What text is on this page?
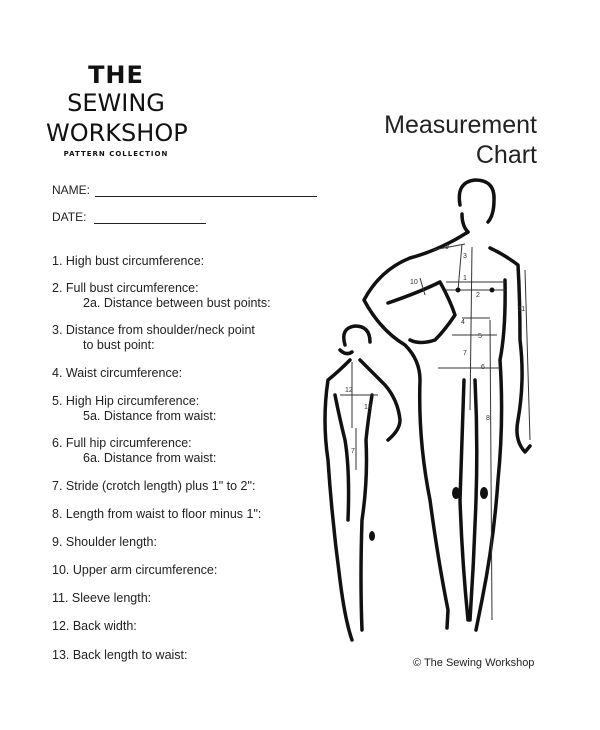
THE
SEWING
WORKSHOP
PATTERN COLLECTION
Measurement
Chart
NAME:
DATE:
1. High bust circumference:
2. Full bust circumference:
2a. Distance between bust points:
3. Distance from shoulder/neck point
to bust point:
4. Waist circumference:
5. High Hip circumference:
5a. Distance from waist:
6. Full hip circumference:
6a. Distance from waist:
7. Stride (crotch length) plus 1" to 2":
8. Length from waist to floor minus 1":
9. Shoulder length:
10. Upper arm circumference:
11. Sleeve length:
12. Back width:
13. Back length to waist:
1
2
3
4
5
6
7
8
9
10
11
12
13
7
© The Sewing Workshop
